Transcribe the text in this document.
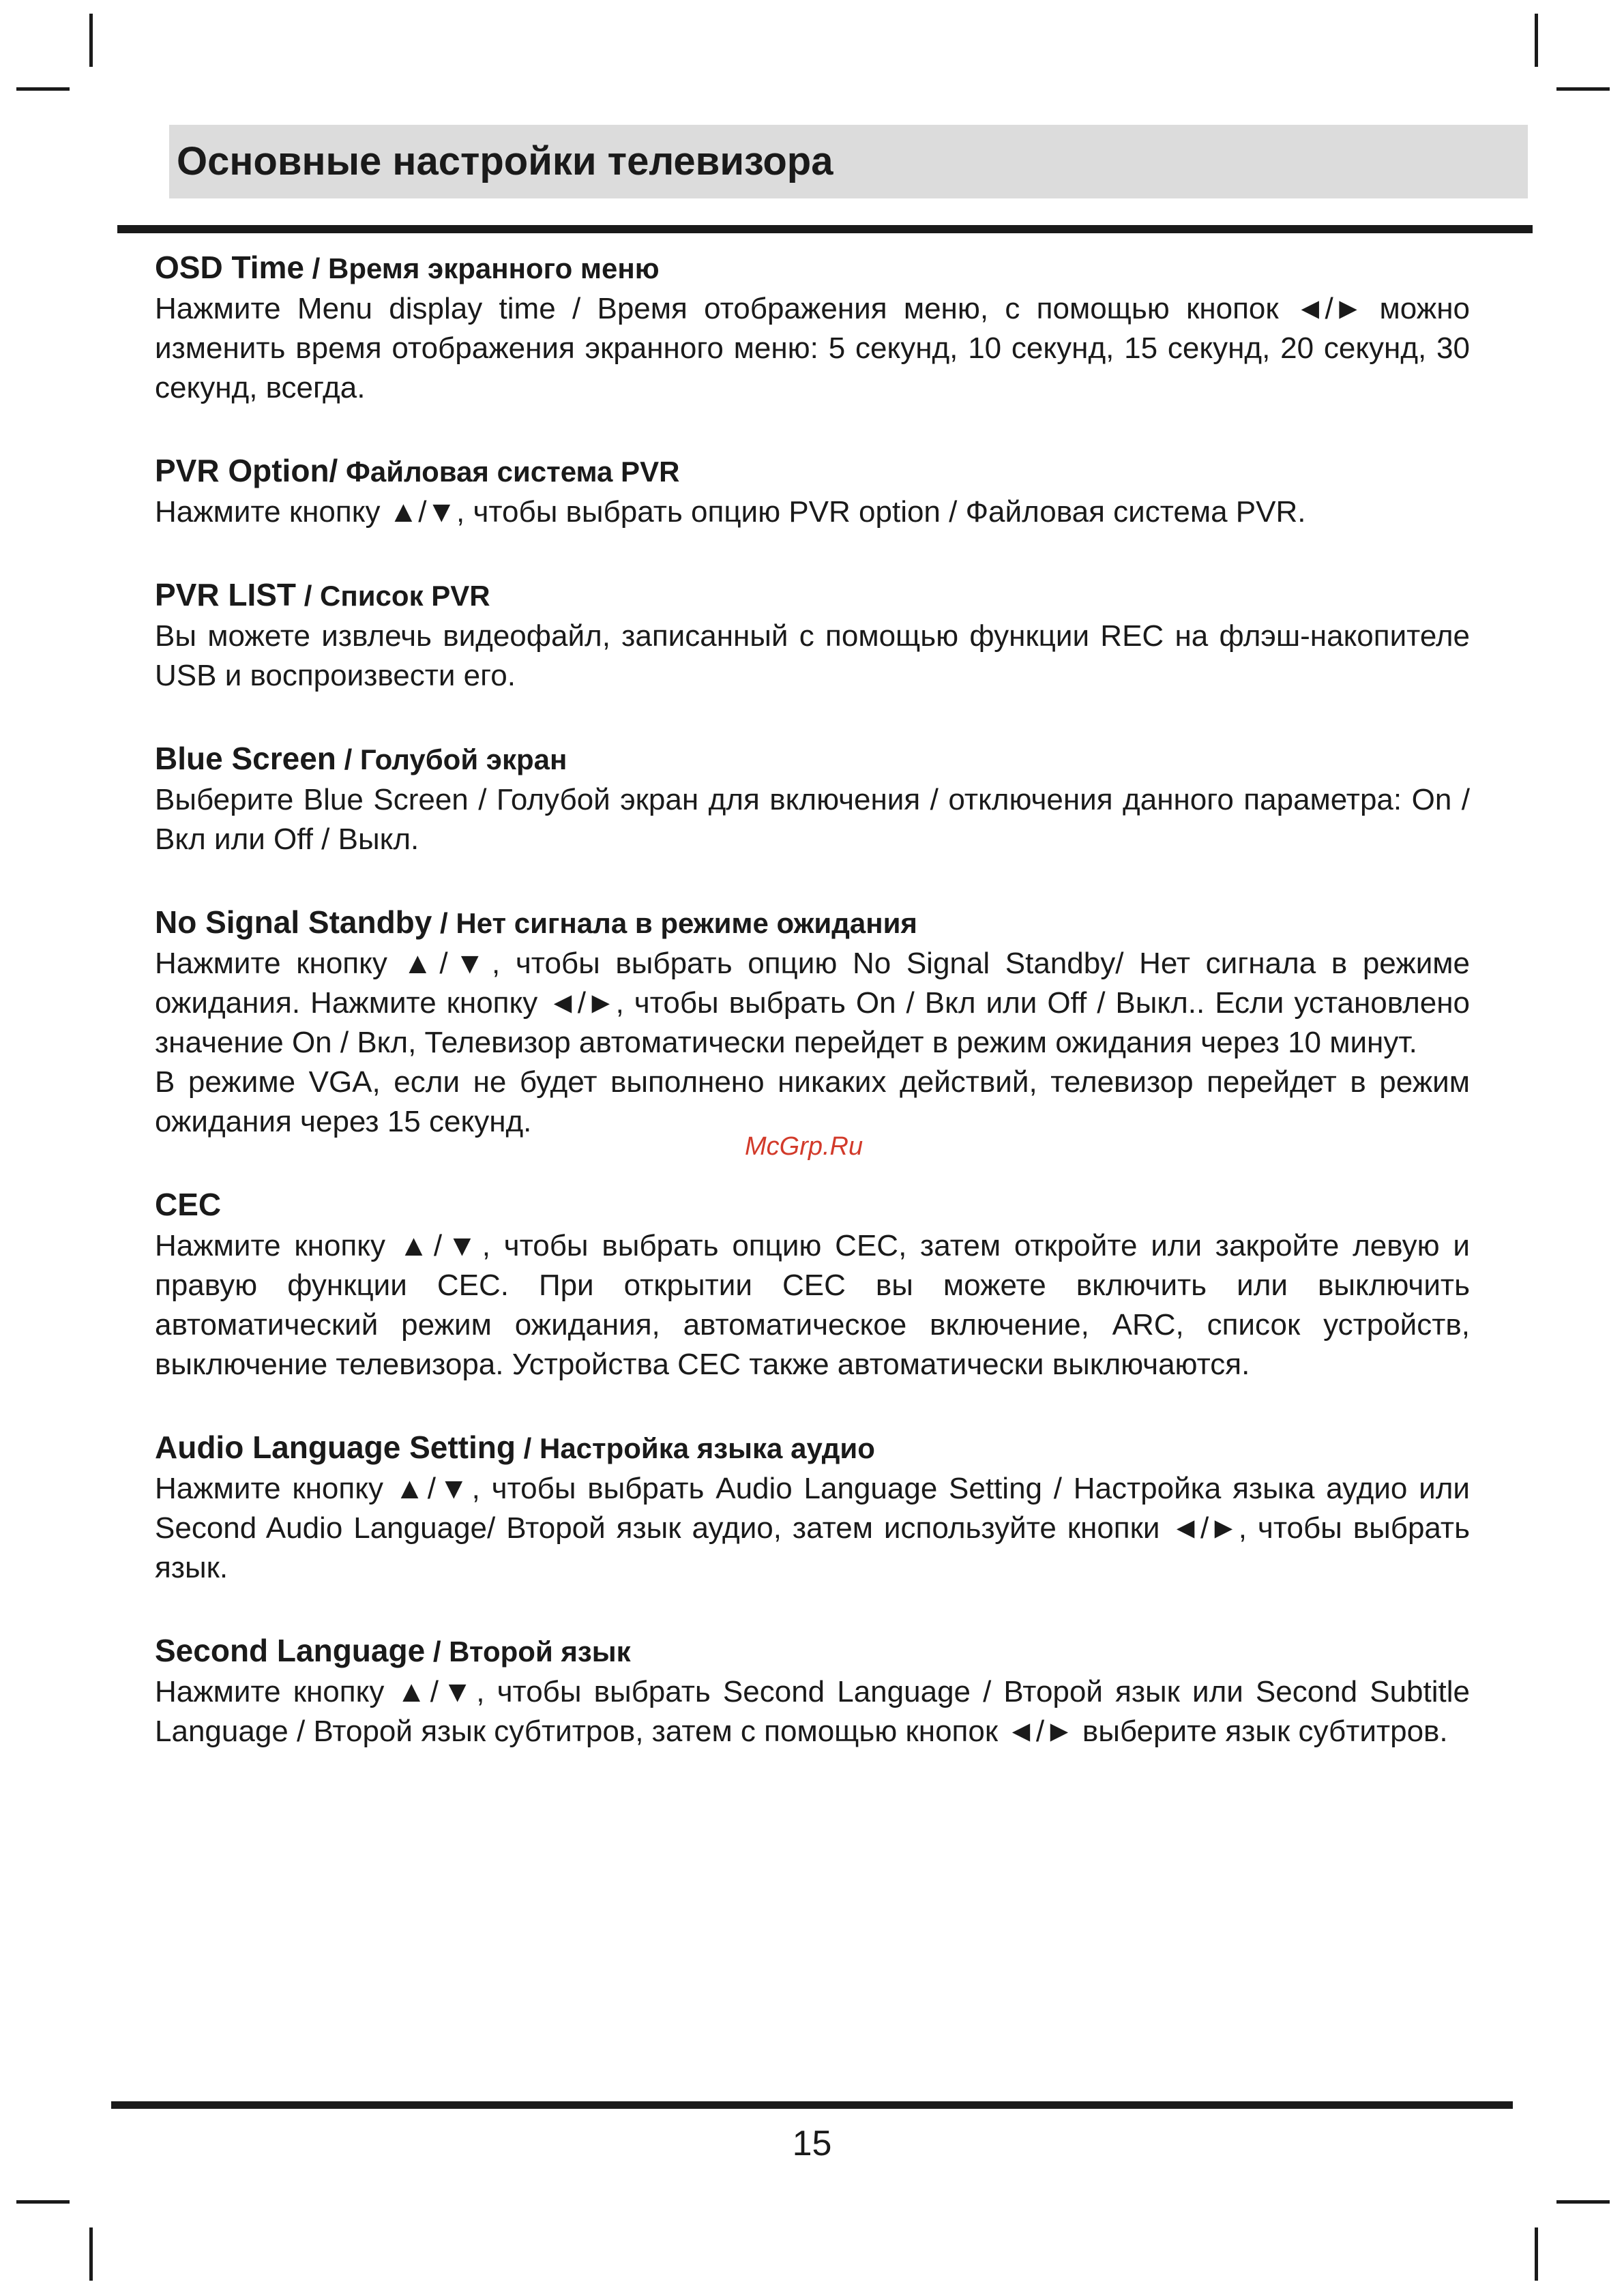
Основные настройки телевизора
OSD Time / Время экранного меню

Нажмите Menu display time / Время отображения меню, с помощью кнопок ◄/► можно изменить время отображения экранного меню: 5 секунд, 10 секунд, 15 секунд, 20 секунд, 30 секунд, всегда.

PVR Option/ Файловая система PVR

Нажмите кнопку ▲/▼, чтобы выбрать опцию PVR option / Файловая система PVR.

PVR LIST / Список PVR

Вы можете извлечь видеофайл, записанный с помощью функции REC на флэш-накопителе USB и воспроизвести его.

Blue Screen / Голубой экран

Выберите Blue Screen / Голубой экран для включения / отключения данного параметра: On / Вкл или Off / Выкл.

No Signal Standby / Нет сигнала в режиме ожидания

Нажмите кнопку ▲/▼, чтобы выбрать опцию No Signal Standby/ Нет сигнала в режиме ожидания. Нажмите кнопку ◄/►, чтобы выбрать On / Вкл или Off / Выкл.. Если установлено значение On / Вкл, Телевизор автоматически перейдет в режим ожидания через 10 минут.

В режиме VGA, если не будет выполнено никаких действий, телевизор перейдет в режим ожидания через 15 секунд.

CEC

Нажмите кнопку ▲/▼, чтобы выбрать опцию CEC, затем откройте или закройте левую и правую функции CEC. При открытии CEC вы можете включить или выключить автоматический режим ожидания, автоматическое включение, ARC, список устройств, выключение телевизора. Устройства CEC также автоматически выключаются.

Audio Language Setting / Настройка языка аудио

Нажмите кнопку ▲/▼, чтобы выбрать Audio Language Setting / Настройка языка аудио или Second Audio Language/ Второй язык аудио, затем используйте кнопки ◄/►, чтобы выбрать язык.

Second Language / Второй язык

Нажмите кнопку ▲/▼, чтобы выбрать Second Language / Второй язык или Second Subtitle Language / Второй язык субтитров, затем с помощью кнопок ◄/► выберите язык субтитров.

McGrp.Ru
15
